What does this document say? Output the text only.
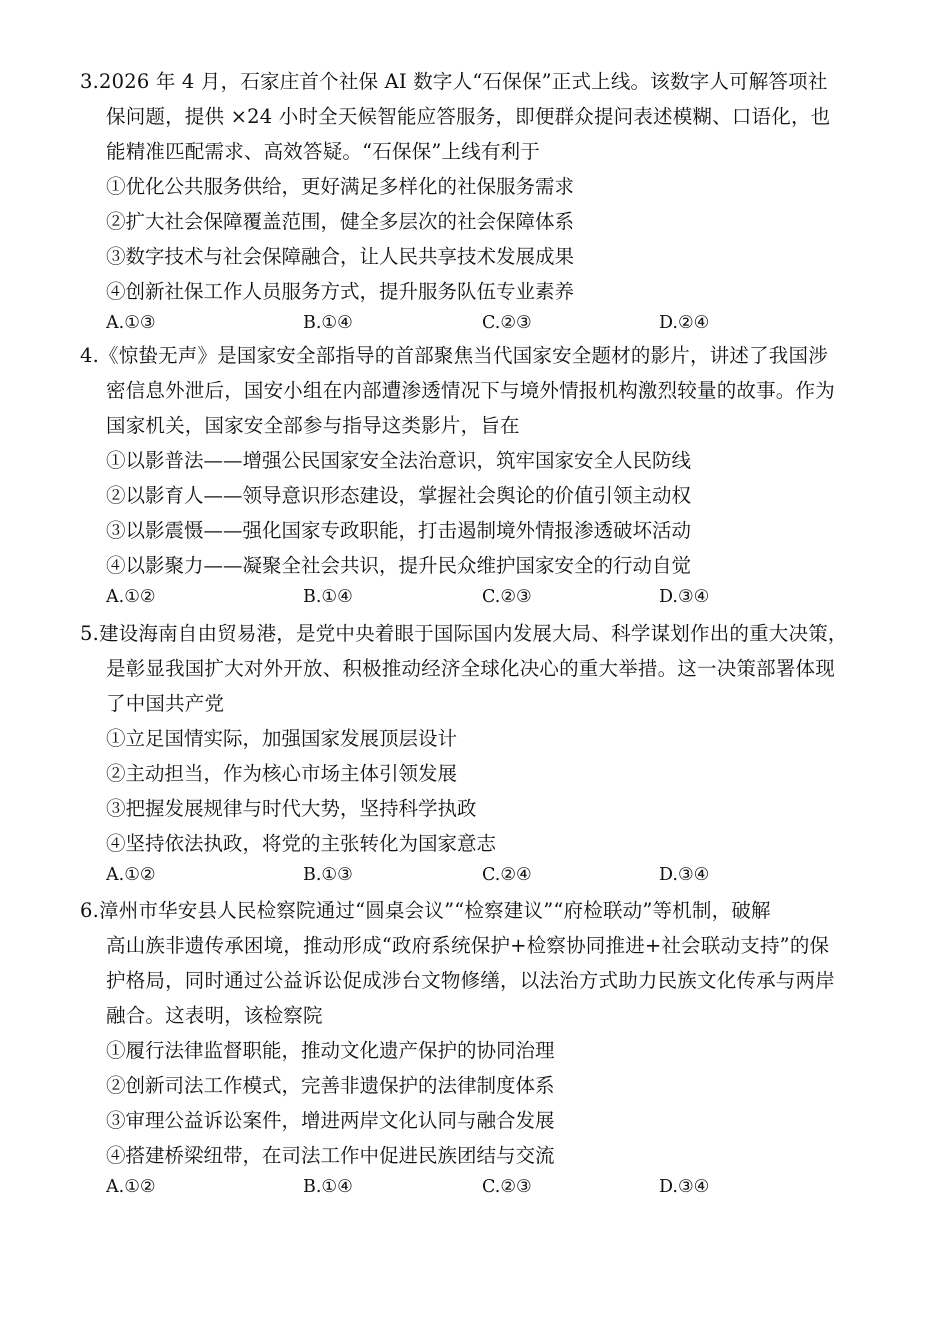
3.2026 年 4 月，石家庄首个社保 AI 数字人“石保保”正式上线。该数字人可解答项社
保问题，提供 ×24 小时全天候智能应答服务，即便群众提问表述模糊、口语化，也
能精准匹配需求、高效答疑。“石保保”上线有利于
①优化公共服务供给，更好满足多样化的社保服务需求
②扩大社会保障覆盖范围，健全多层次的社会保障体系
③数字技术与社会保障融合，让人民共享技术发展成果
④创新社保工作人员服务方式，提升服务队伍专业素养
A.①③	B.①④	C.②③	D.②④
4.《惊蛰无声》是国家安全部指导的首部聚焦当代国家安全题材的影片，讲述了我国涉
密信息外泄后，国安小组在内部遭渗透情况下与境外情报机构激烈较量的故事。作为
国家机关，国家安全部参与指导这类影片，旨在
①以影普法——增强公民国家安全法治意识，筑牢国家安全人民防线
②以影育人——领导意识形态建设，掌握社会舆论的价值引领主动权
③以影震慑——强化国家专政职能，打击遏制境外情报渗透破坏活动
④以影聚力——凝聚全社会共识，提升民众维护国家安全的行动自觉
A.①②	B.①④	C.②③	D.③④
5.建设海南自由贸易港，是党中央着眼于国际国内发展大局、科学谋划作出的重大决策，
是彰显我国扩大对外开放、积极推动经济全球化决心的重大举措。这一决策部署体现
了中国共产党
①立足国情实际，加强国家发展顶层设计
②主动担当，作为核心市场主体引领发展
③把握发展规律与时代大势，坚持科学执政
④坚持依法执政，将党的主张转化为国家意志
A.①②	B.①③	C.②④	D.③④
6.漳州市华安县人民检察院通过“圆桌会议”“检察建议”“府检联动”等机制，破解
高山族非遗传承困境，推动形成“政府系统保护+检察协同推进+社会联动支持”的保
护格局，同时通过公益诉讼促成涉台文物修缮，以法治方式助力民族文化传承与两岸
融合。这表明，该检察院
①履行法律监督职能，推动文化遗产保护的协同治理
②创新司法工作模式，完善非遗保护的法律制度体系
③审理公益诉讼案件，增进两岸文化认同与融合发展
④搭建桥梁纽带，在司法工作中促进民族团结与交流
A.①②	B.①④	C.②③	D.③④
